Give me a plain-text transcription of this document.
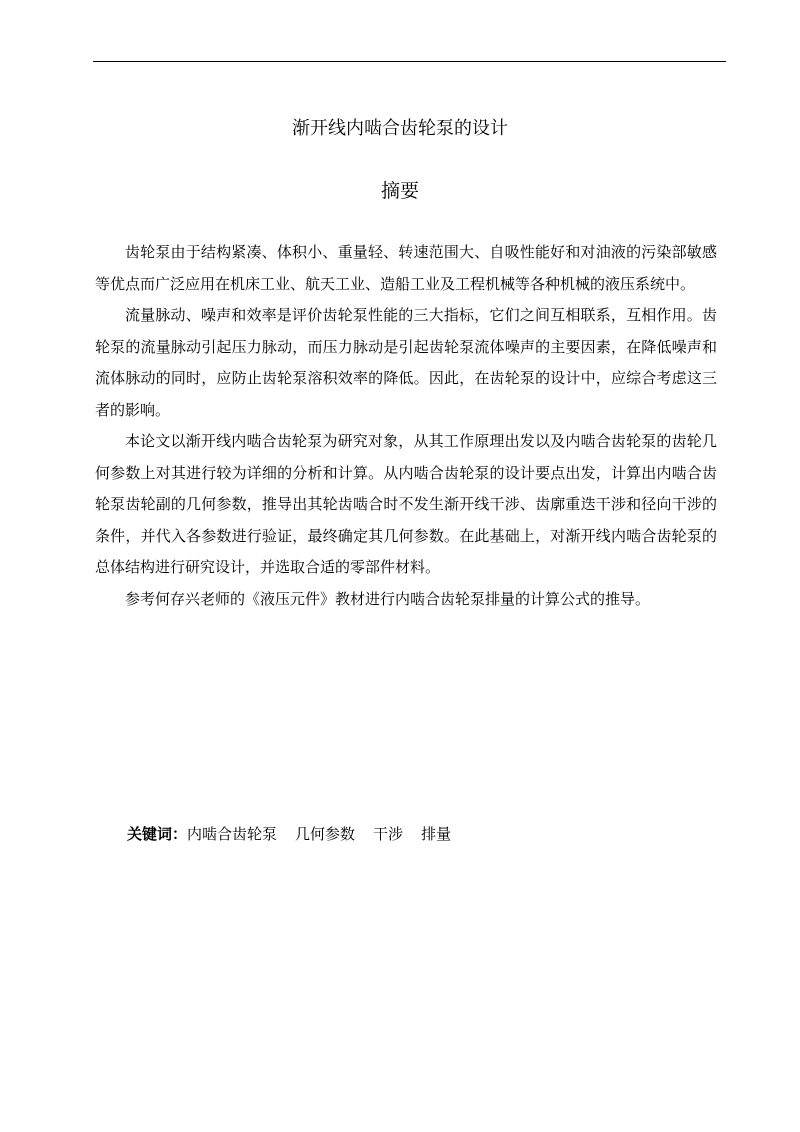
渐开线内啮合齿轮泵的设计
摘要

齿轮泵由于结构紧凑、体积小、重量轻、转速范围大、自吸性能好和对油液的污染部敏感等优点而广泛应用在机床工业、航天工业、造船工业及工程机械等各种机械的液压系统中。

流量脉动、噪声和效率是评价齿轮泵性能的三大指标，它们之间互相联系，互相作用。齿轮泵的流量脉动引起压力脉动，而压力脉动是引起齿轮泵流体噪声的主要因素，在降低噪声和流体脉动的同时，应防止齿轮泵溶积效率的降低。因此，在齿轮泵的设计中，应综合考虑这三者的影响。

本论文以渐开线内啮合齿轮泵为研究对象，从其工作原理出发以及内啮合齿轮泵的齿轮几何参数上对其进行较为详细的分析和计算。从内啮合齿轮泵的设计要点出发，计算出内啮合齿轮泵齿轮副的几何参数，推导出其轮齿啮合时不发生渐开线干涉、齿廓重迭干涉和径向干涉的条件，并代入各参数进行验证，最终确定其几何参数。在此基础上，对渐开线内啮合齿轮泵的总体结构进行研究设计，并选取合适的零部件材料。

参考何存兴老师的《液压元件》教材进行内啮合齿轮泵排量的计算公式的推导。

关键词：内啮合齿轮泵 几何参数 干涉 排量
